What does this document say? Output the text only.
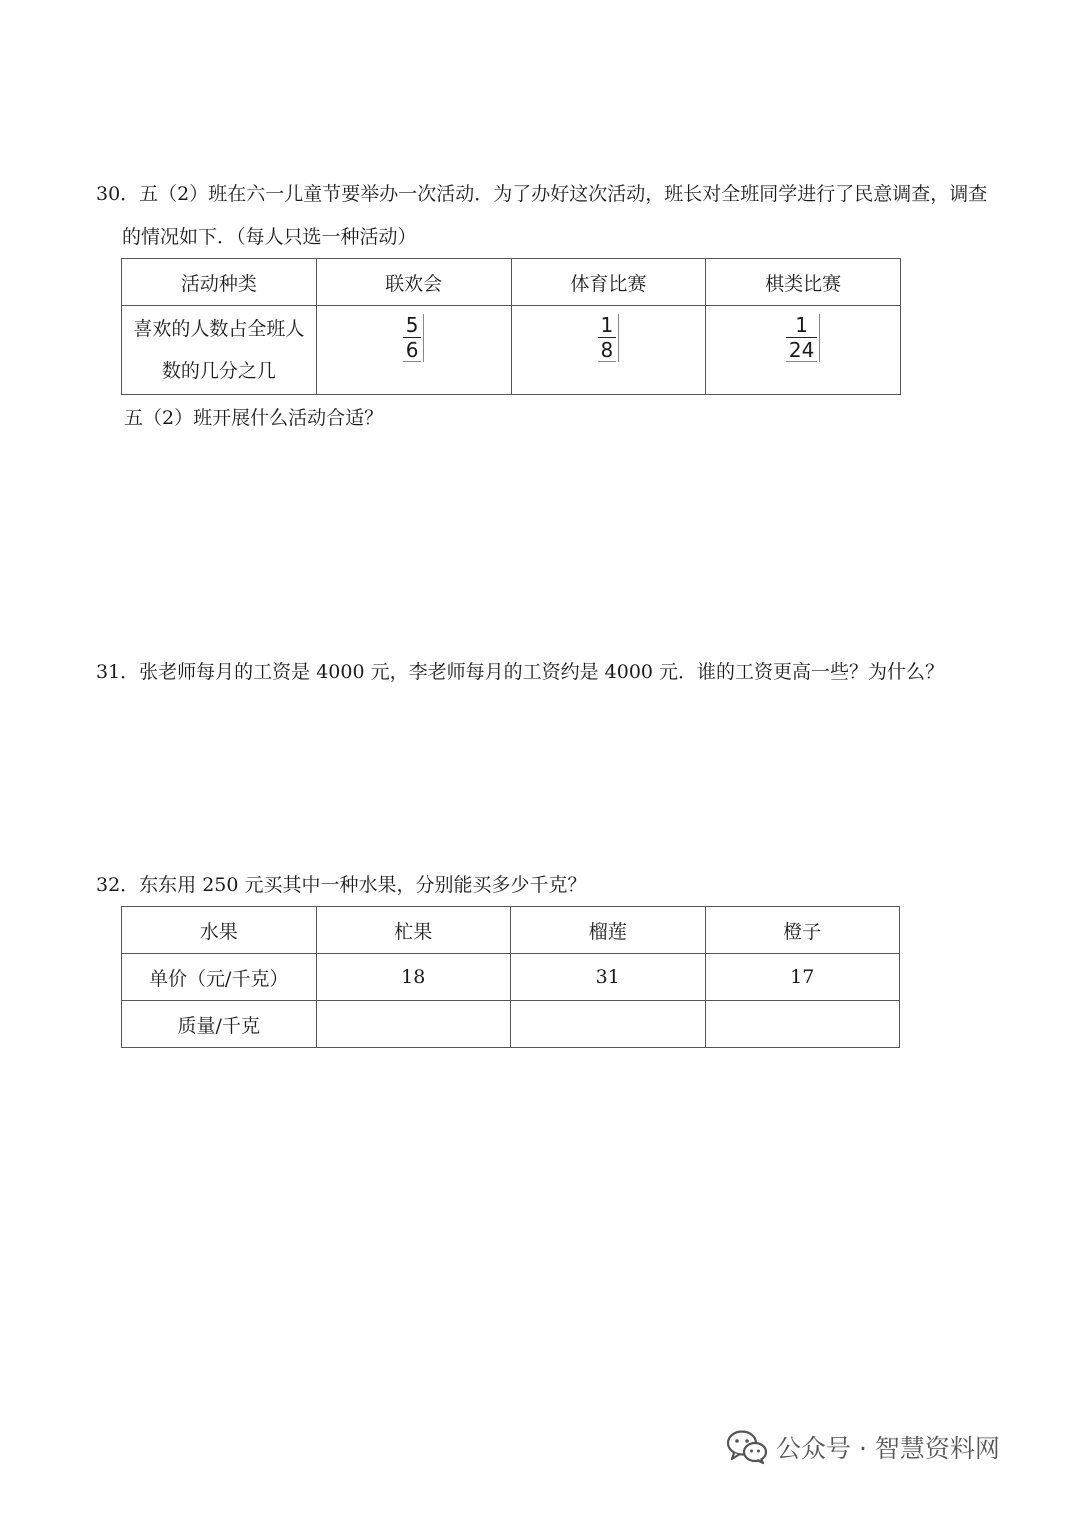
30．五（2）班在六一儿童节要举办一次活动．为了办好这次活动，班长对全班同学进行了民意调查，调查
的情况如下．（每人只选一种活动）
活动种类	联欢会	体育比赛	棋类比赛

喜欢的人数占全班人数的几分之几	$\frac{5}{6}$	$\frac{1}{8}$	$\frac{1}{24}$
五（2）班开展什么活动合适？
31．张老师每月的工资是 4000 元，李老师每月的工资约是 4000 元．谁的工资更高一些？为什么？
32．东东用 250 元买其中一种水果，分别能买多少千克？
水果	杧果	榴莲	橙子
单价（元/千克）	18	31	17
质量/千克			
公众号 · 智慧资料网
